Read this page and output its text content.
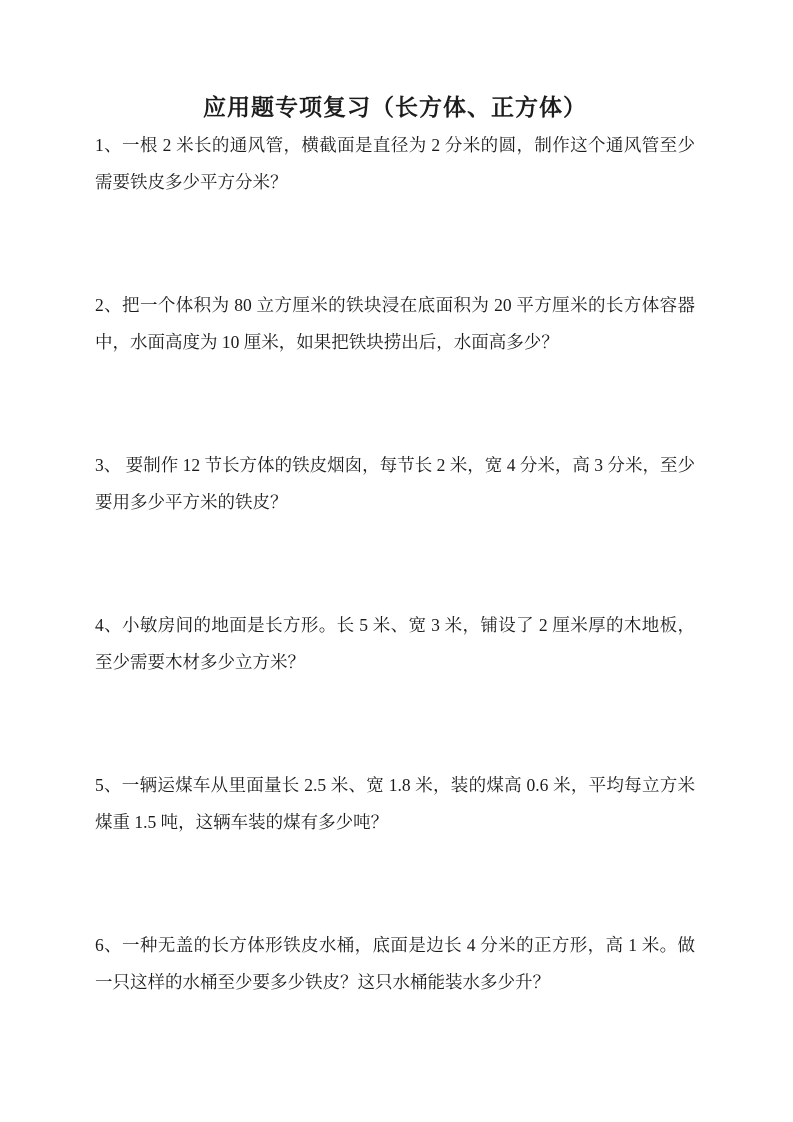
应用题专项复习（长方体、正方体）

1、一根 2 米长的通风管，横截面是直径为 2 分米的圆，制作这个通风管至少需要铁皮多少平方分米？

2、把一个体积为 80 立方厘米的铁块浸在底面积为 20 平方厘米的长方体容器中，水面高度为 10 厘米，如果把铁块捞出后，水面高多少？

3、 要制作 12 节长方体的铁皮烟囱，每节长 2 米，宽 4 分米，高 3 分米，至少要用多少平方米的铁皮？

4、小敏房间的地面是长方形。长 5 米、宽 3 米，铺设了 2 厘米厚的木地板，至少需要木材多少立方米？

5、一辆运煤车从里面量长 2.5 米、宽 1.8 米，装的煤高 0.6 米，平均每立方米煤重 1.5 吨，这辆车装的煤有多少吨？

6、一种无盖的长方体形铁皮水桶，底面是边长 4 分米的正方形，高 1 米。做一只这样的水桶至少要多少铁皮？这只水桶能装水多少升？
